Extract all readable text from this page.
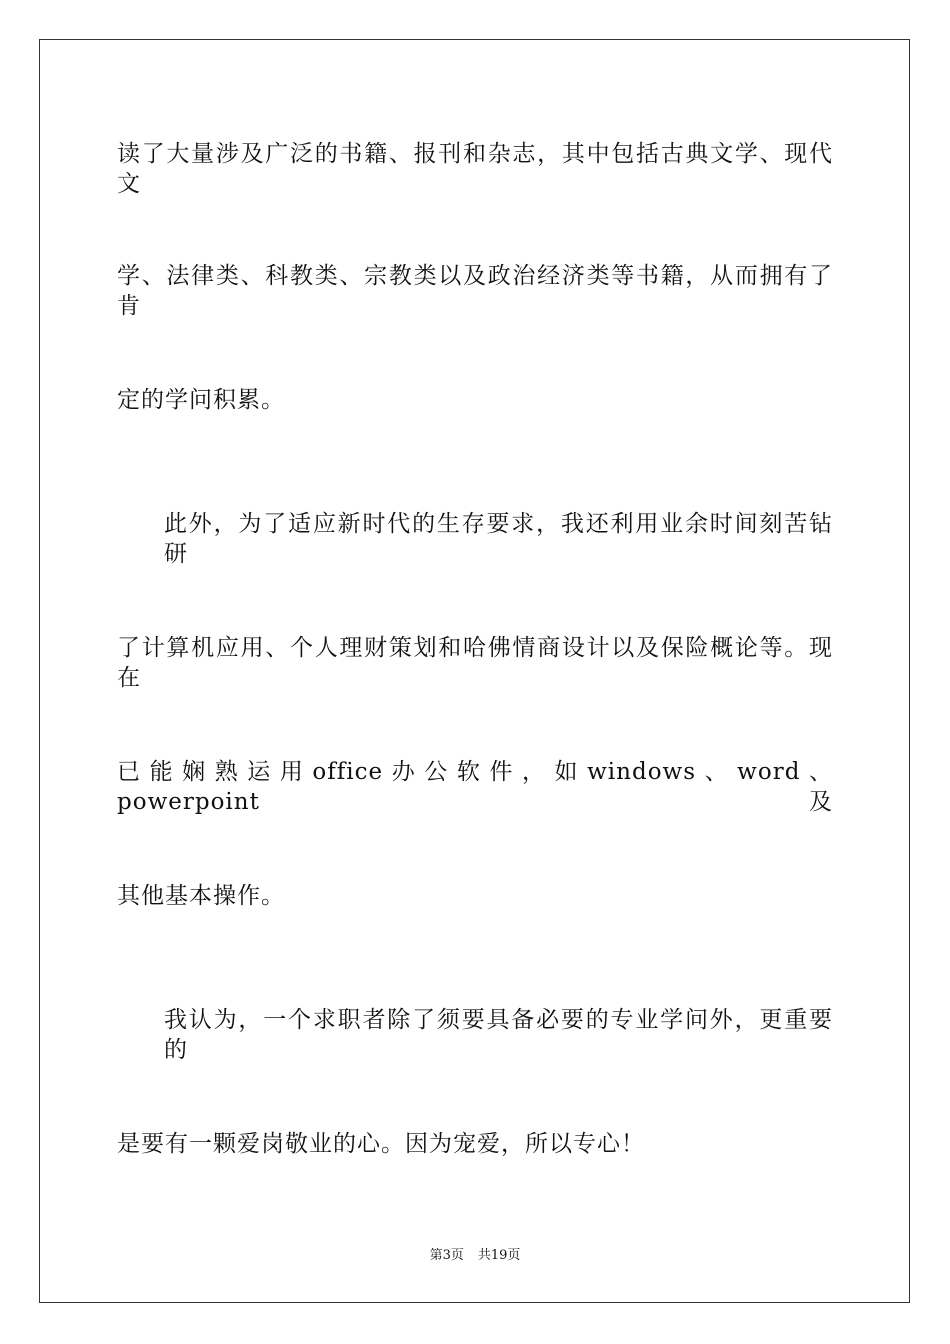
读了大量涉及广泛的书籍、报刊和杂志，其中包括古典文学、现代文
学、法律类、科教类、宗教类以及政治经济类等书籍，从而拥有了肯
定的学问积累。
此外，为了适应新时代的生存要求，我还利用业余时间刻苦钻研
了计算机应用、个人理财策划和哈佛情商设计以及保险概论等。现在
已能娴熟运用office办公软件，如windows、word、powerpoint及
其他基本操作。
我认为，一个求职者除了须要具备必要的专业学问外，更重要的
是要有一颗爱岗敬业的心。因为宠爱，所以专心！
第3页 共19页
